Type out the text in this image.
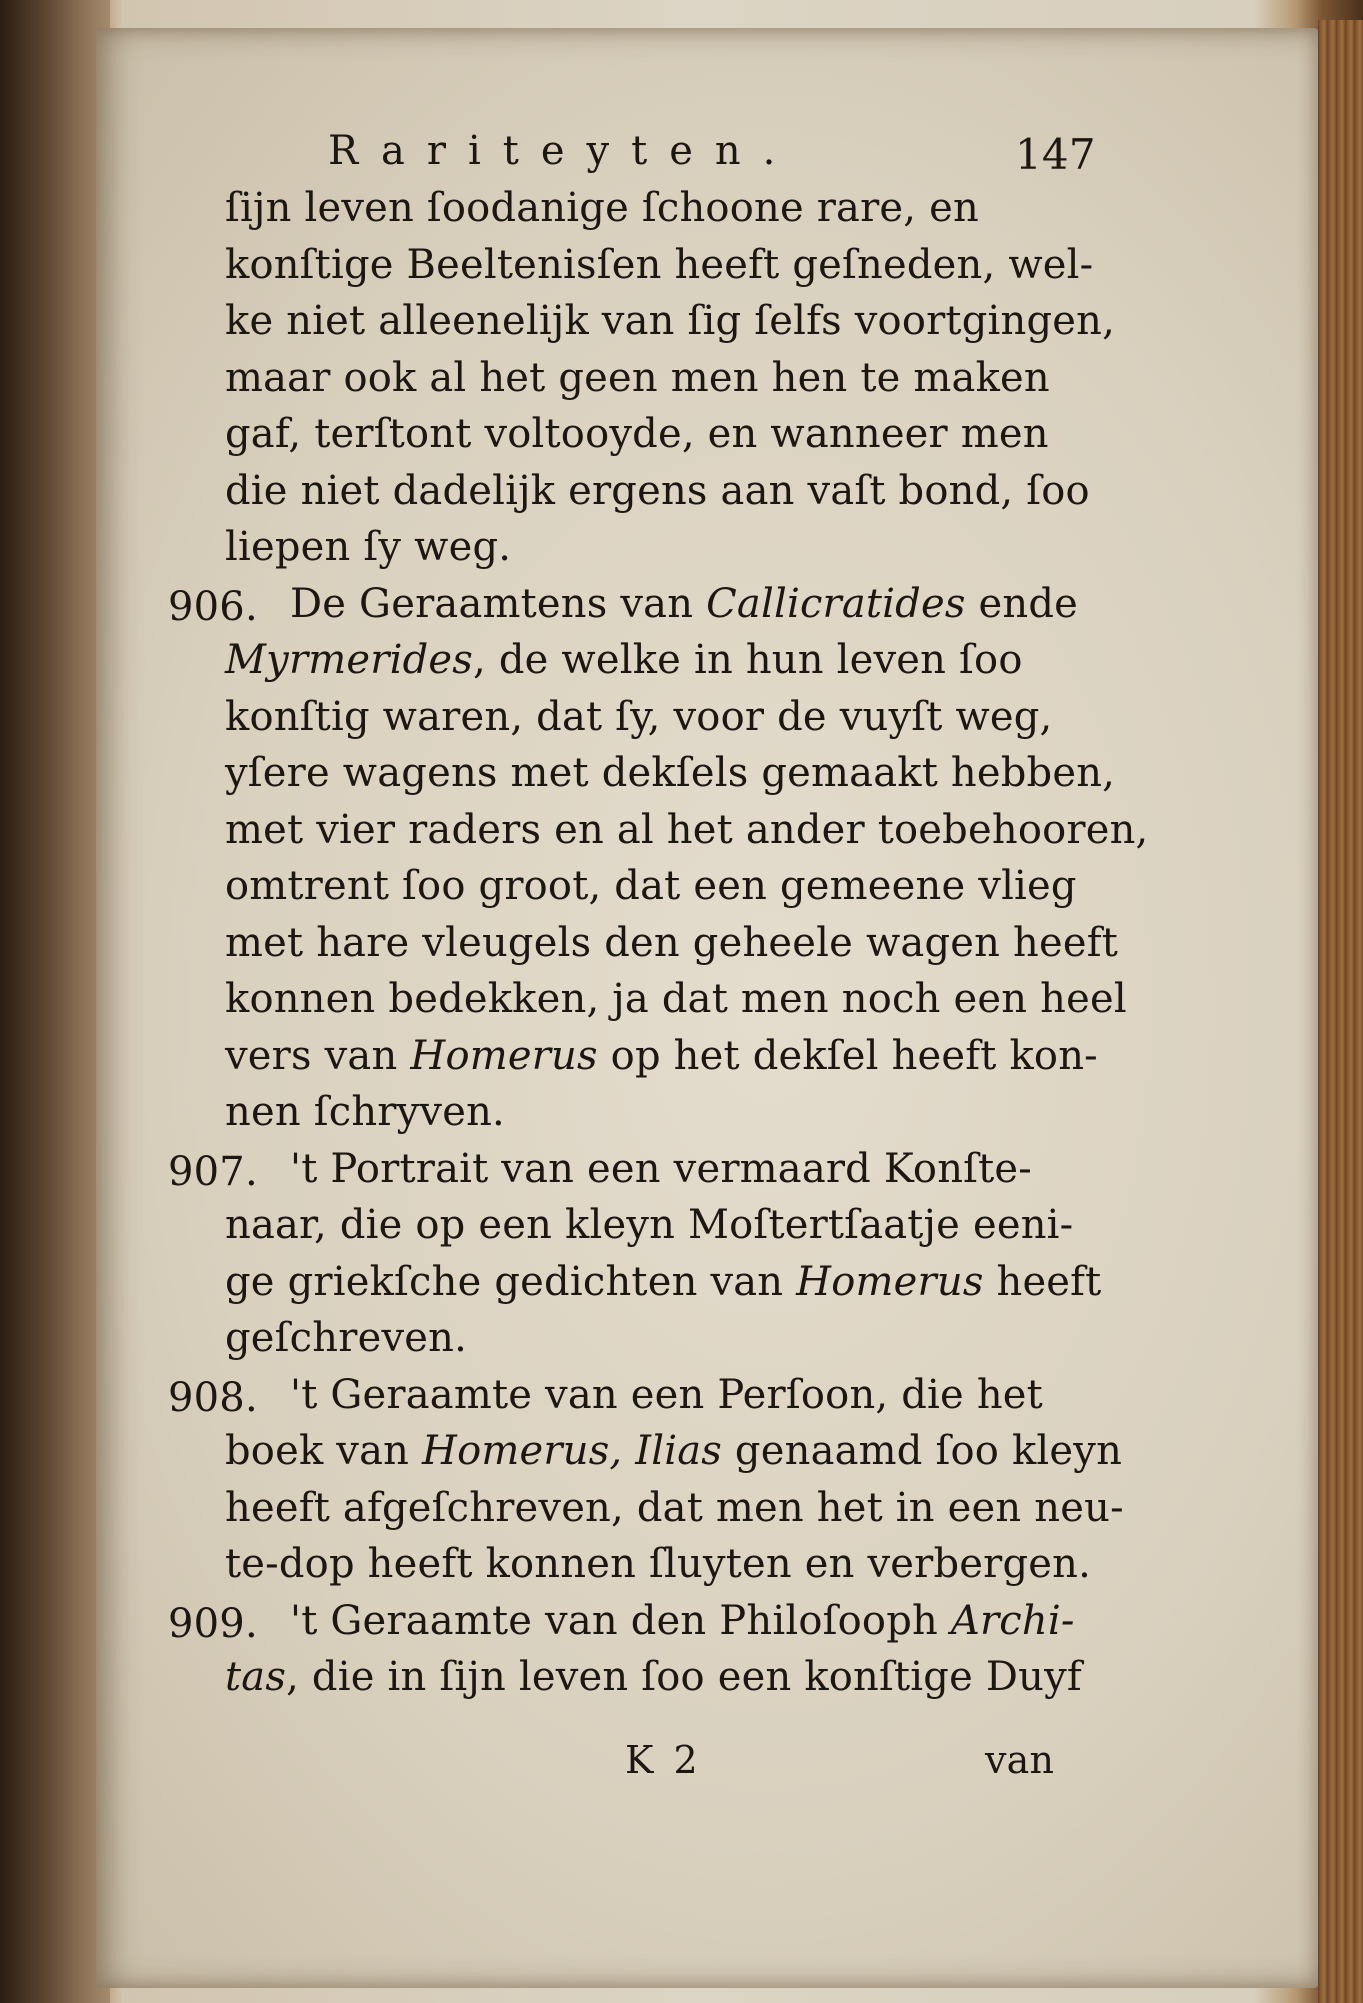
Rariteyten.	147
ſijn leven ſoodanige ſchoone rare, en
konſtige Beeltenisſen heeft geſneden, wel-
ke niet alleenelijk van ſig ſelfs voortgingen,
maar ook al het geen men hen te maken
gaf, terſtont voltooyde, en wanneer men
die niet dadelijk ergens aan vaſt bond, ſoo
liepen ſy weg.
906. De Geraamtens van Callicratides ende
Myrmerides, de welke in hun leven ſoo
konſtig waren, dat ſy, voor de vuyſt weg,
yſere wagens met dekſels gemaakt hebben,
met vier raders en al het ander toebehooren,
omtrent ſoo groot, dat een gemeene vlieg
met hare vleugels den geheele wagen heeft
konnen bedekken, ja dat men noch een heel
vers van Homerus op het dekſel heeft kon-
nen ſchryven.
907. 't Portrait van een vermaard Konſte-
naar, die op een kleyn Moſtertſaatje eeni-
ge griekſche gedichten van Homerus heeft
geſchreven.
908. 't Geraamte van een Perſoon, die het
boek van Homerus, Ilias genaamd ſoo kleyn
heeft afgeſchreven, dat men het in een neu-
te-dop heeft konnen ſluyten en verbergen.
909. 't Geraamte van den Philoſooph Archi-
tas, die in ſijn leven ſoo een konſtige Duyf
K 2	van
